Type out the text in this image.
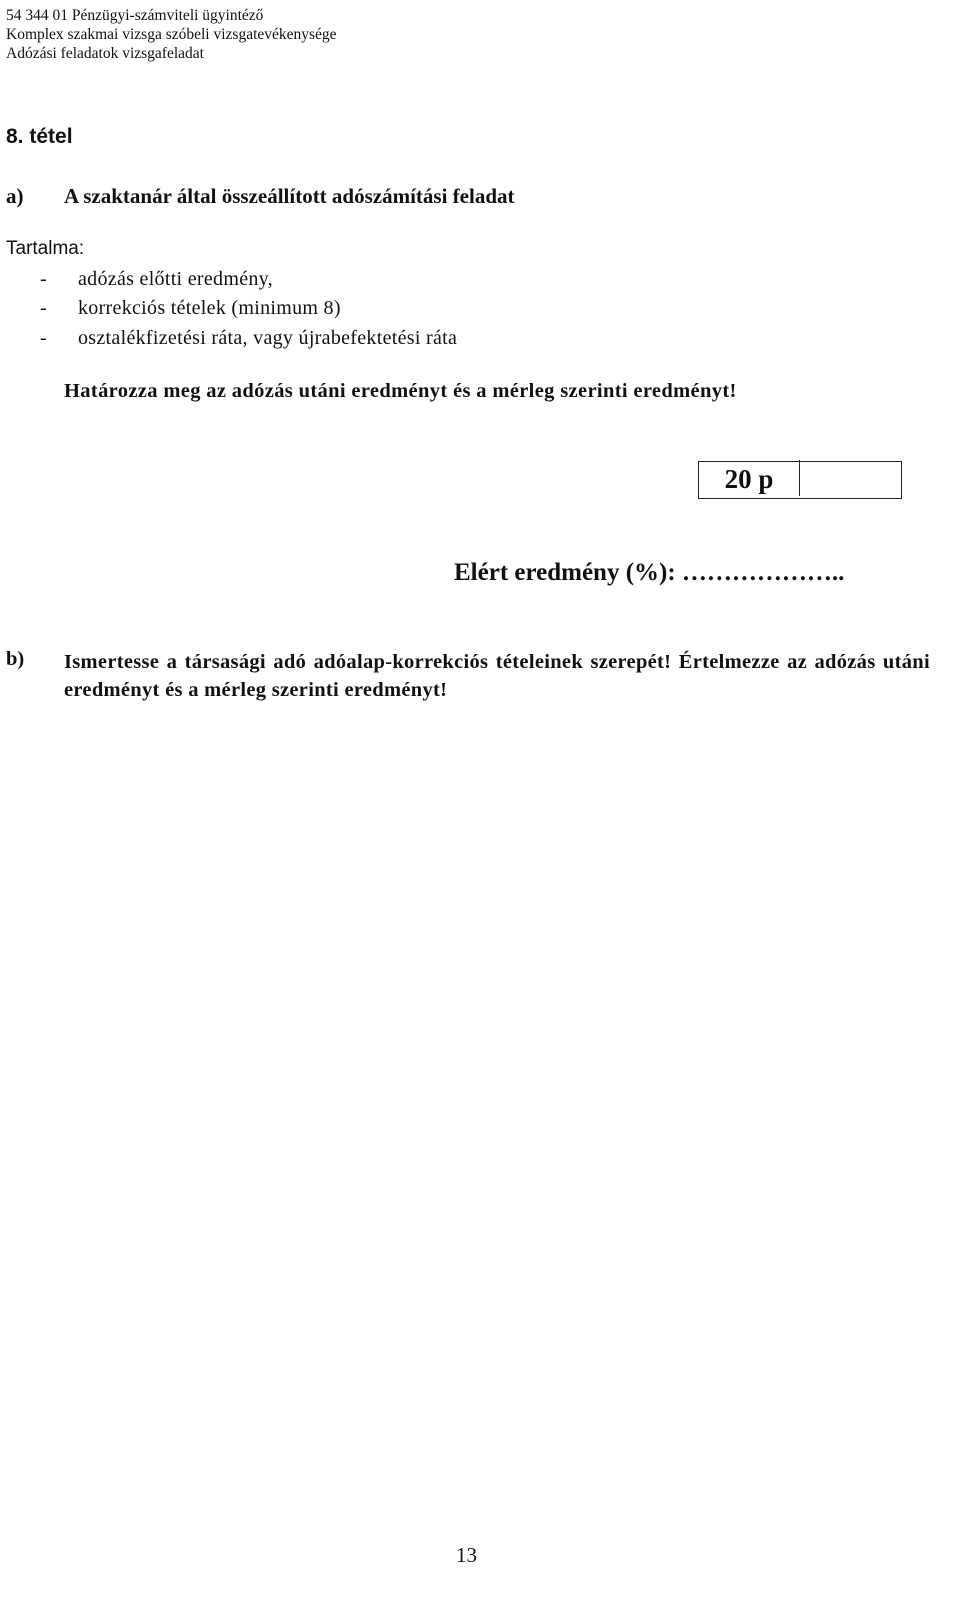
54 344 01 Pénzügyi-számviteli ügyintéző
Komplex szakmai vizsga szóbeli vizsgatevékenysége
Adózási feladatok vizsgafeladat
8. tétel
a) A szaktanár által összeállított adószámítási feladat
Tartalma:
- adózás előtti eredmény,
- korrekciós tételek (minimum 8)
- osztalékfizetési ráta, vagy újrabefektetési ráta
Határozza meg az adózás utáni eredményt és a mérleg szerinti eredményt!
20 p
Elért eredmény (%): ………………..
b) Ismertesse a társasági adó adóalap-korrekciós tételeinek szerepét! Értelmezze az adózás utáni eredményt és a mérleg szerinti eredményt!
13
